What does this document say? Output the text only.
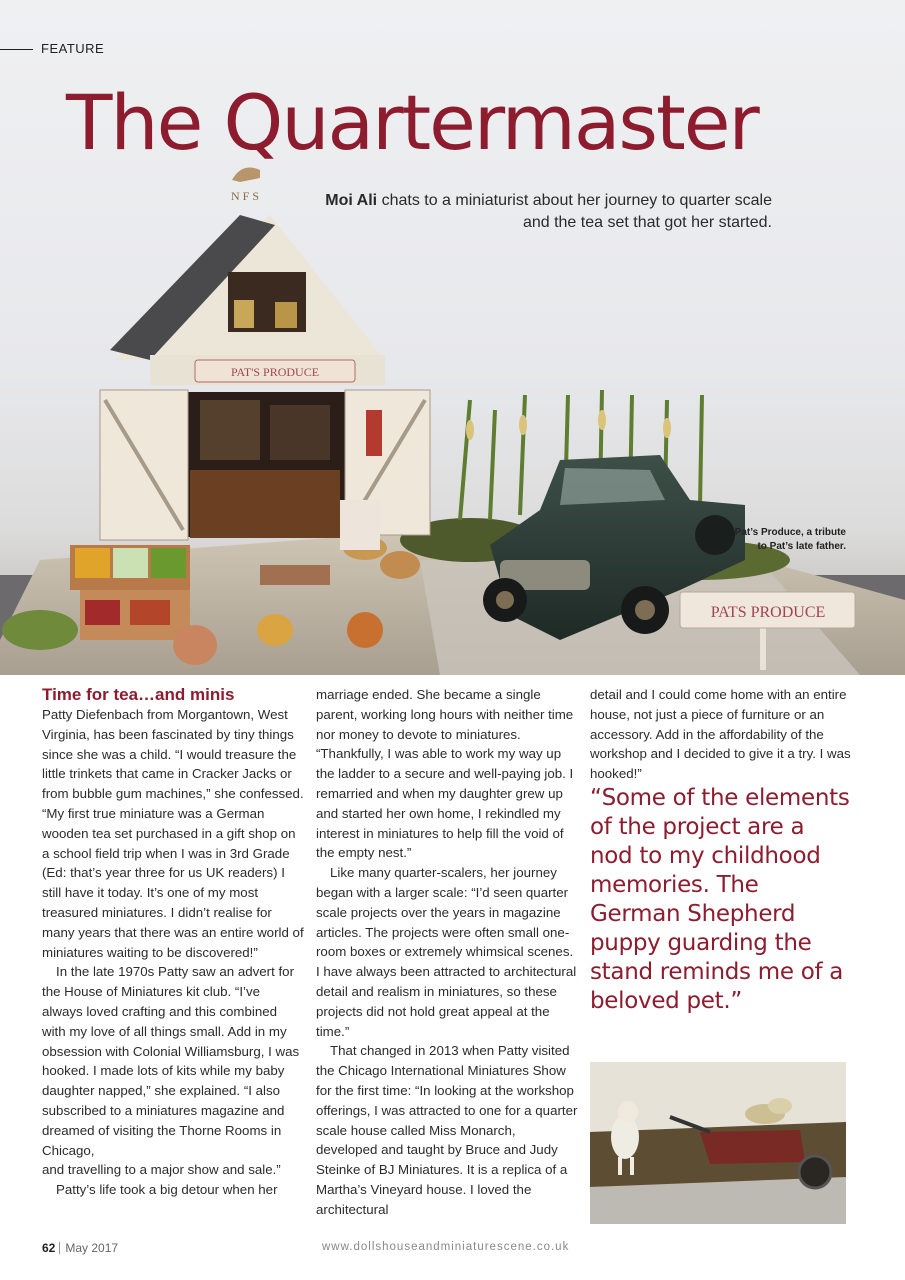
PAT'S PRODUCE
N F S
PATS PRODUCE
FEATURE
The Quartermaster
Moi Ali chats to a miniaturist about her journey to quarter scale and the tea set that got her started.
Pat’s Produce, a tribute to Pat’s late father.
Time for tea…and minis

Patty Diefenbach from Morgantown, West Virginia, has been fascinated by tiny things since she was a child. “I would treasure the little trinkets that came in Cracker Jacks or from bubble gum machines,” she confessed. “My first true miniature was a German wooden tea set purchased in a gift shop on a school field trip when I was in 3rd Grade (Ed: that’s year three for us UK readers) I still have it today. It’s one of my most treasured miniatures. I didn’t realise for many years that there was an entire world of miniatures waiting to be discovered!”

In the late 1970s Patty saw an advert for the House of Miniatures kit club. “I’ve always loved crafting and this combined with my love of all things small. Add in my obsession with Colonial Williamsburg, I was hooked. I made lots of kits while my baby daughter napped,” she explained. “I also subscribed to a miniatures magazine and dreamed of visiting the Thorne Rooms in Chicago,

and travelling to a major show and sale.”

Patty’s life took a big detour when her

marriage ended. She became a single parent, working long hours with neither time nor money to devote to miniatures. “Thankfully, I was able to work my way up the ladder to a secure and well-paying job. I remarried and when my daughter grew up and started her own home, I rekindled my interest in miniatures to help fill the void of the empty nest.”

Like many quarter-scalers, her journey began with a larger scale: “I’d seen quarter scale projects over the years in magazine articles. The projects were often small one-room boxes or extremely whimsical scenes. I have always been attracted to architectural detail and realism in miniatures, so these projects did not hold great appeal at the time.”

That changed in 2013 when Patty visited the Chicago International Miniatures Show for the first time: “In looking at the workshop offerings, I was attracted to one for a quarter scale house called Miss Monarch, developed and taught by Bruce and Judy Steinke of BJ Miniatures. It is a replica of a Martha’s Vineyard house. I loved the architectural

detail and I could come home with an entire house, not just a piece of furniture or an accessory. Add in the affordability of the workshop and I decided to give it a try. I was hooked!”

“Some of the elements of the project are a nod to my childhood memories. The German Shepherd puppy guarding the stand reminds me of a beloved pet.”

62 May 2017	www.dollshouseandminiaturescene.co.uk
